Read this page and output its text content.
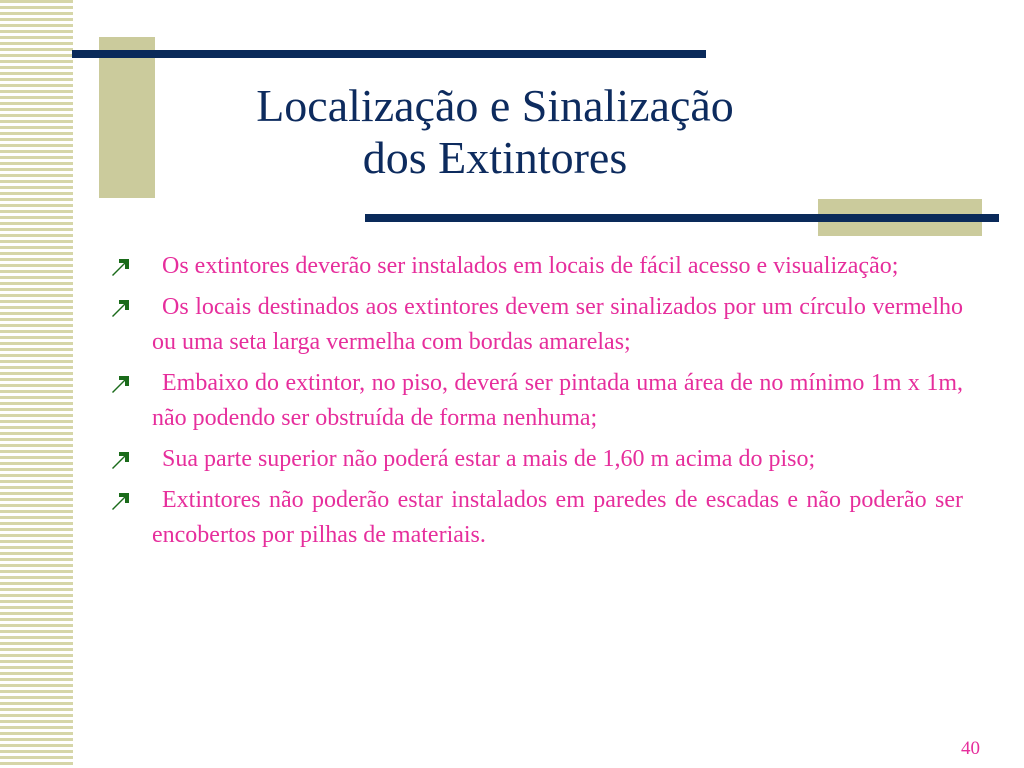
Localização e Sinalização
dos Extintores
Os extintores deverão ser instalados em locais de fácil acesso e visualização;
Os locais destinados aos extintores devem ser sinalizados por um círculo vermelho ou uma seta larga vermelha com bordas amarelas;
Embaixo do extintor, no piso, deverá ser pintada uma área de no mínimo 1m x 1m, não podendo ser obstruída de forma nenhuma;
Sua parte superior não poderá estar a mais de 1,60 m acima do piso;
Extintores não poderão estar instalados em paredes de escadas e não poderão ser encobertos por pilhas de materiais.
40
